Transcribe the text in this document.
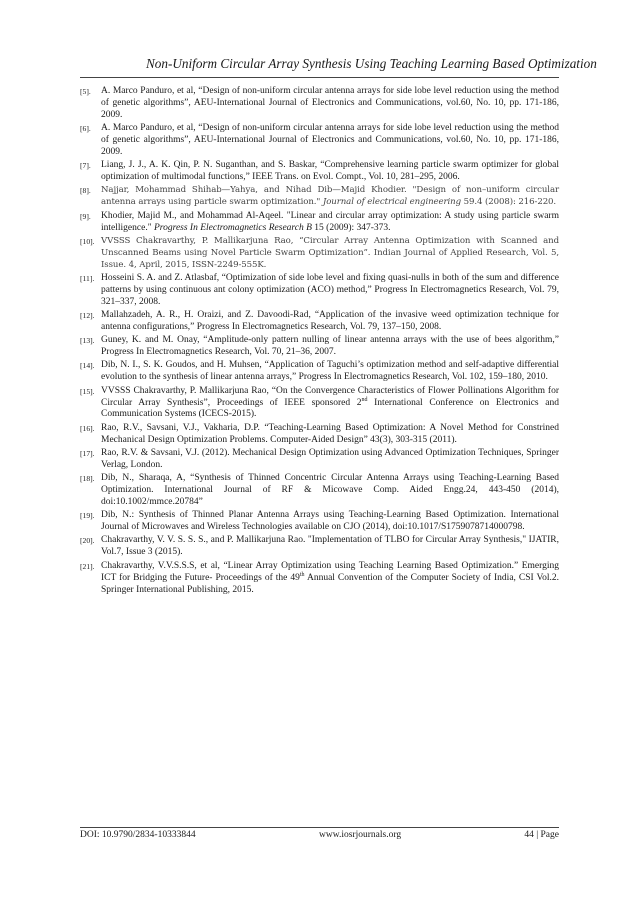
Non-Uniform Circular Array Synthesis Using Teaching Learning Based Optimization
[5]. A. Marco Panduro, et al, “Design of non-uniform circular antenna arrays for side lobe level reduction using the method of genetic algorithms”, AEU-International Journal of Electronics and Communications, vol.60, No. 10, pp. 171-186, 2009.
[6]. A. Marco Panduro, et al, “Design of non-uniform circular antenna arrays for side lobe level reduction using the method of genetic algorithms”, AEU-International Journal of Electronics and Communications, vol.60, No. 10, pp. 171-186, 2009.
[7]. Liang, J. J., A. K. Qin, P. N. Suganthan, and S. Baskar, “Comprehensive learning particle swarm optimizer for global optimization of multimodal functions,” IEEE Trans. on Evol. Compt., Vol. 10, 281–295, 2006.
[8]. Najjar, Mohammad Shihab—Yahya, and Nihad Dib—Majid Khodier. "Design of non–uniform circular antenna arrays using particle swarm optimization." Journal of electrical engineering 59.4 (2008): 216-220.
[9]. Khodier, Majid M., and Mohammad Al-Aqeel. "Linear and circular array optimization: A study using particle swarm intelligence." Progress In Electromagnetics Research B 15 (2009): 347-373.
[10]. VVSSS Chakravarthy, P. Mallikarjuna Rao, “Circular Array Antenna Optimization with Scanned and Unscanned Beams using Novel Particle Swarm Optimization”. Indian Journal of Applied Research, Vol. 5, Issue. 4, April, 2015, ISSN-2249-555K.
[11]. Hosseini S. A. and Z. Atlasbaf, “Optimization of side lobe level and fixing quasi-nulls in both of the sum and difference patterns by using continuous ant colony optimization (ACO) method,” Progress In Electromagnetics Research, Vol. 79, 321–337, 2008.
[12]. Mallahzadeh, A. R., H. Oraizi, and Z. Davoodi-Rad, “Application of the invasive weed optimization technique for antenna configurations,” Progress In Electromagnetics Research, Vol. 79, 137–150, 2008.
[13]. Guney, K. and M. Onay, “Amplitude-only pattern nulling of linear antenna arrays with the use of bees algorithm,” Progress In Electromagnetics Research, Vol. 70, 21–36, 2007.
[14]. Dib, N. I., S. K. Goudos, and H. Muhsen, “Application of Taguchi’s optimization method and self-adaptive differential evolution to the synthesis of linear antenna arrays,” Progress In Electromagnetics Research, Vol. 102, 159–180, 2010.
[15]. VVSSS Chakravarthy, P. Mallikarjuna Rao, “On the Convergence Characteristics of Flower Pollinations Algorithm for Circular Array Synthesis”, Proceedings of IEEE sponsored 2nd International Conference on Electronics and Communication Systems (ICECS-2015).
[16]. Rao, R.V., Savsani, V.J., Vakharia, D.P. “Teaching-Learning Based Optimization: A Novel Method for Constrined Mechanical Design Optimization Problems. Computer-Aided Design” 43(3), 303-315 (2011).
[17]. Rao, R.V. & Savsani, V.J. (2012). Mechanical Design Optimization using Advanced Optimization Techniques, Springer Verlag, London.
[18]. Dib, N., Sharaqa, A, “Synthesis of Thinned Concentric Circular Antenna Arrays using Teaching-Learning Based Optimization. International Journal of RF & Micowave Comp. Aided Engg.24, 443-450 (2014), doi:10.1002/mmce.20784”
[19]. Dib, N.: Synthesis of Thinned Planar Antenna Arrays using Teaching-Learning Based Optimization. International Journal of Microwaves and Wireless Technologies available on CJO (2014), doi:10.1017/S1759078714000798.
[20]. Chakravarthy, V. V. S. S. S., and P. Mallikarjuna Rao. "Implementation of TLBO for Circular Array Synthesis," IJATIR, Vol.7, Issue 3 (2015).
[21]. Chakravarthy, V.V.S.S.S, et al, “Linear Array Optimization using Teaching Learning Based Optimization.” Emerging ICT for Bridging the Future- Proceedings of the 49th Annual Convention of the Computer Society of India, CSI Vol.2. Springer International Publishing, 2015.
DOI: 10.9790/2834-10333844	www.iosrjournals.org	44 | Page
